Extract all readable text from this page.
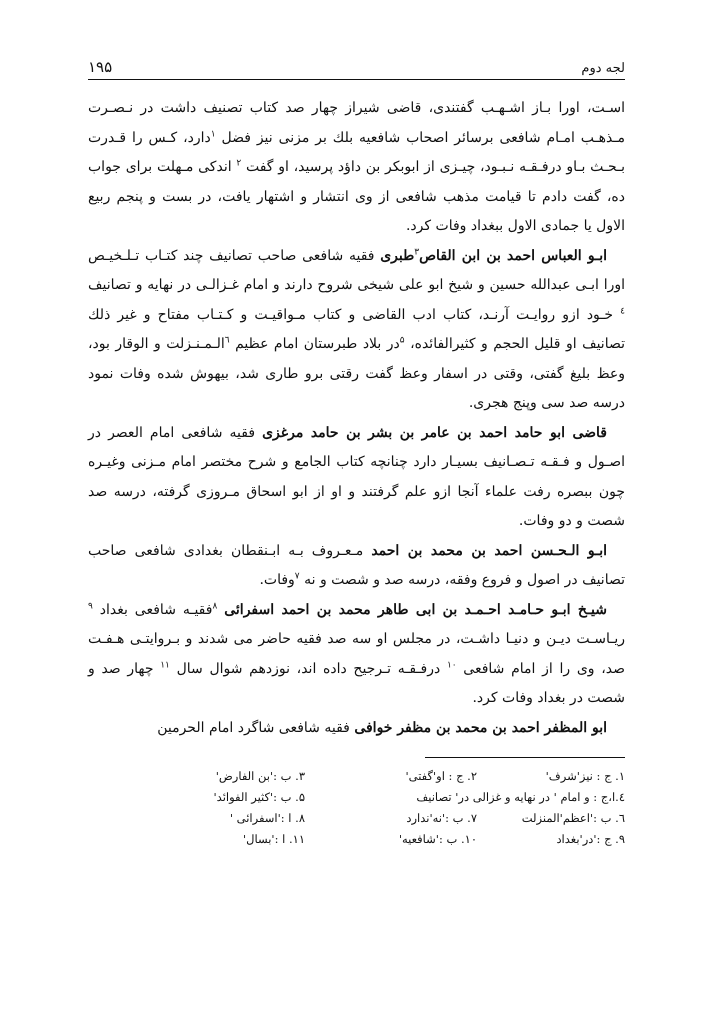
لجه دوم
۱۹۵

اسـت، اورا بـاز اشـهـب گفتندی، قاضی شیراز چهار صد کتاب تصنیف داشت در نـصـرت مـذهـب امـام شافعی برسائر اصحاب شافعیه بلك بر مزنی نیز فضل $^۱$دارد، کـس را قـدرت بـحـث بـاو درفـقـه نـبـود، چیـزی از ابوبکر بن داؤد پرسید، او گفت $^۲$ اندکی مـهلت برای جواب ده، گفت دادم تا قیامت مذهب شافعی از وی انتشار و اشتهار یافت، در بست و پنجم ربیع الاول یا جمادی الاول ببغداد وفات کرد.

ابـو العباس احمد بن ابن القاص$^۳$طبری فقیه شافعی صاحب تصانیف چند کتـاب تـلـخیـص اورا ابـی عبدالله حسین و شیخ ابو علی شیخی شروح دارند و امام غـزالـی در نهایه و تصانیف $^٤$ خـود ازو روایـت آرنـد، کتاب ادب القاضی و کتاب مـواقیـت و کـتـاب مفتاح و غیر ذلك تصانیف او قلیل الحجم و کثیرالفائده، $^۵$در بلاد طبرستان امام عظیم $^٦$الـمـنـزلت و الوقار بود، وعظ بلیغ گفتی، وقتی در اسفار وعظ گفت رقتی برو طاری شد، بیهوش شده وفات نمود درسه صد سی وپنج هجری.

قاضی ابو حامد احمد بن عامر بن بشر بن حامد مرغزی فقیه شافعی امام العصر در اصـول و فـقـه تـصـانیف بسیـار دارد چنانچه کتاب الجامع و شرح مختصر امام مـزنی وغیـره چون ببصره رفت علماء آنجا ازو علم گرفتند و او از ابو اسحاق مـروزی گرفته، درسه صد شصت و دو وفات.

ابـو الـحـسن احمد بن محمد بن احمد مـعـروف بـه ابـنقطان بغدادی شافعی صاحب تصانیف در اصول و فروع وفقه، درسه صد و شصت و نه $^۷$وفات.

شیـخ ابـو حـامـد احـمـد بن ابی طاهر محمد بن احمد اسفرائی $^۸$فقیـه شافعی بغداد $^۹$ ریـاسـت دیـن و دنیـا داشـت، در مجلس او سه صد فقیه حاضر می شدند و بـروایتـی هـفـت صد، وی را از امام شافعی $^{۱۰}$ درفـقـه تـرجیح داده اند، نوزدهم شوال سال $^{۱۱}$ چهار صد و شصت در بغداد وفات کرد.

ابو المظفر احمد بن محمد بن مظفر خوافی فقیه شافعی شاگرد امام الحرمین

۱. ج : نیز'شرف'
۲. ج : او'گفتی'
۳. ب :'بن الفارض'
٤.ا،ج : و امام ' در نهایه و غزالی در' تصانیف
۵. ب :'کثیر الفوائد'
٦. ب :'اعظم'المنزلت
۷. ب :'نه'ندارد
۸. ا :'اسفرائی '
۹. ج :'در'بغداد
۱۰. ب :'شافعیه'
۱۱. ا :'بسال'
